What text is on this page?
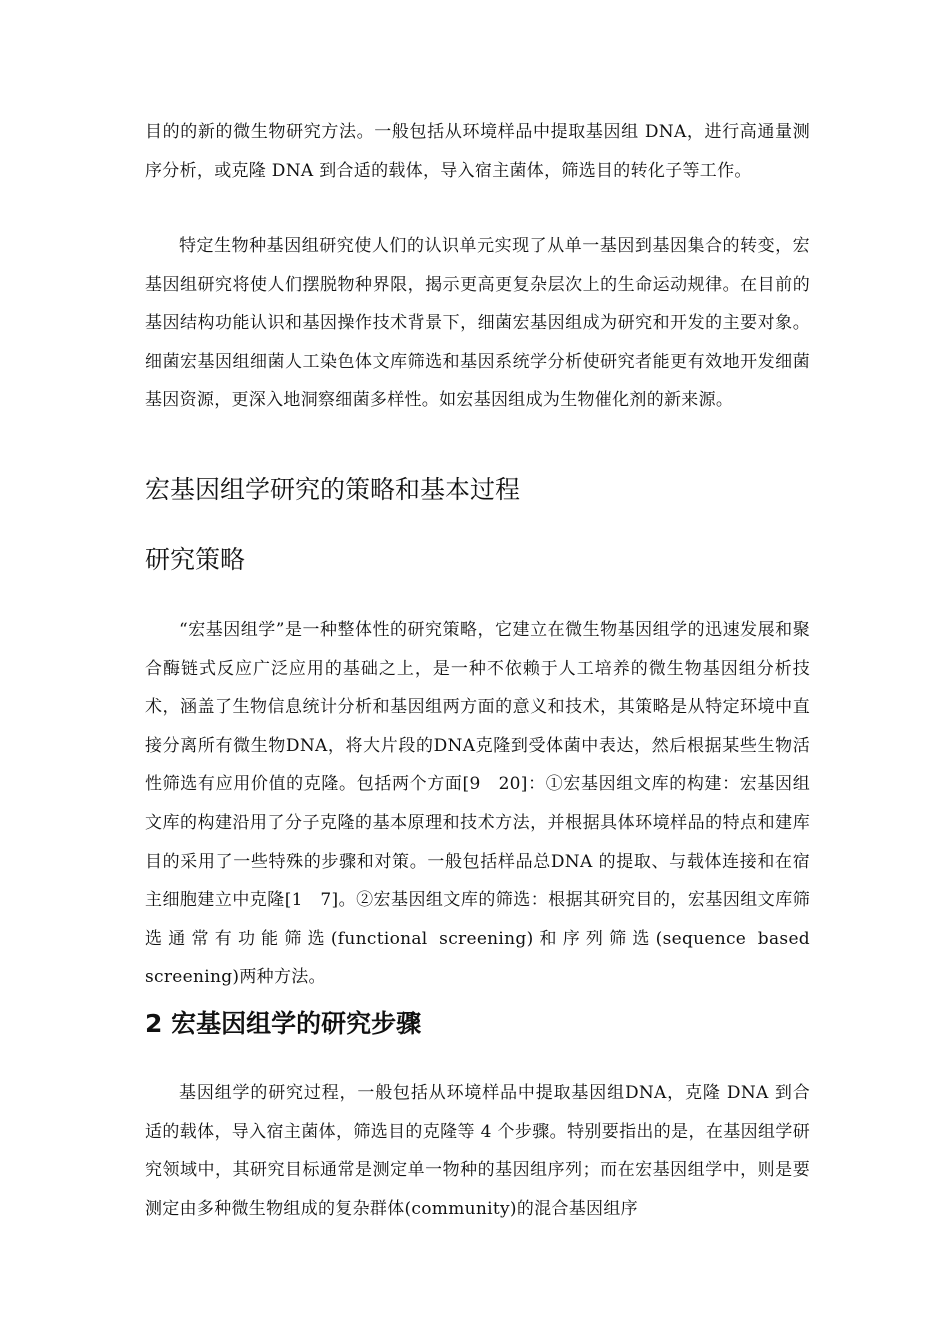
目的的新的微生物研究方法。一般包括从环境样品中提取基因组 DNA，进行高通量测序分析，或克隆 DNA 到合适的载体，导入宿主菌体，筛选目的转化子等工作。

特定生物种基因组研究使人们的认识单元实现了从单一基因到基因集合的转变，宏基因组研究将使人们摆脱物种界限，揭示更高更复杂层次上的生命运动规律。在目前的基因结构功能认识和基因操作技术背景下，细菌宏基因组成为研究和开发的主要对象。细菌宏基因组细菌人工染色体文库筛选和基因系统学分析使研究者能更有效地开发细菌基因资源，更深入地洞察细菌多样性。如宏基因组成为生物催化剂的新来源。

宏基因组学研究的策略和基本过程
研究策略

“宏基因组学”是一种整体性的研究策略，它建立在微生物基因组学的迅速发展和聚合酶链式反应广泛应用的基础之上，是一种不依赖于人工培养的微生物基因组分析技术，涵盖了生物信息统计分析和基因组两方面的意义和技术，其策略是从特定环境中直接分离所有微生物DNA，将大片段的DNA克隆到受体菌中表达，然后根据某些生物活性筛选有应用价值的克隆。包括两个方面[9　20]：①宏基因组文库的构建：宏基因组文库的构建沿用了分子克隆的基本原理和技术方法，并根据具体环境样品的特点和建库目的采用了一些特殊的步骤和对策。一般包括样品总DNA 的提取、与载体连接和在宿主细胞建立中克隆[1　7]。②宏基因组文库的筛选：根据其研究目的，宏基因组文库筛选通常有功能筛选(functional screening)和序列筛选(sequence based screening)两种方法。

2 宏基因组学的研究步骤

基因组学的研究过程，一般包括从环境样品中提取基因组DNA，克隆 DNA 到合适的载体，导入宿主菌体，筛选目的克隆等 4 个步骤。特别要指出的是，在基因组学研究领域中，其研究目标通常是测定单一物种的基因组序列；而在宏基因组学中，则是要测定由多种微生物组成的复杂群体(community)的混合基因组序
